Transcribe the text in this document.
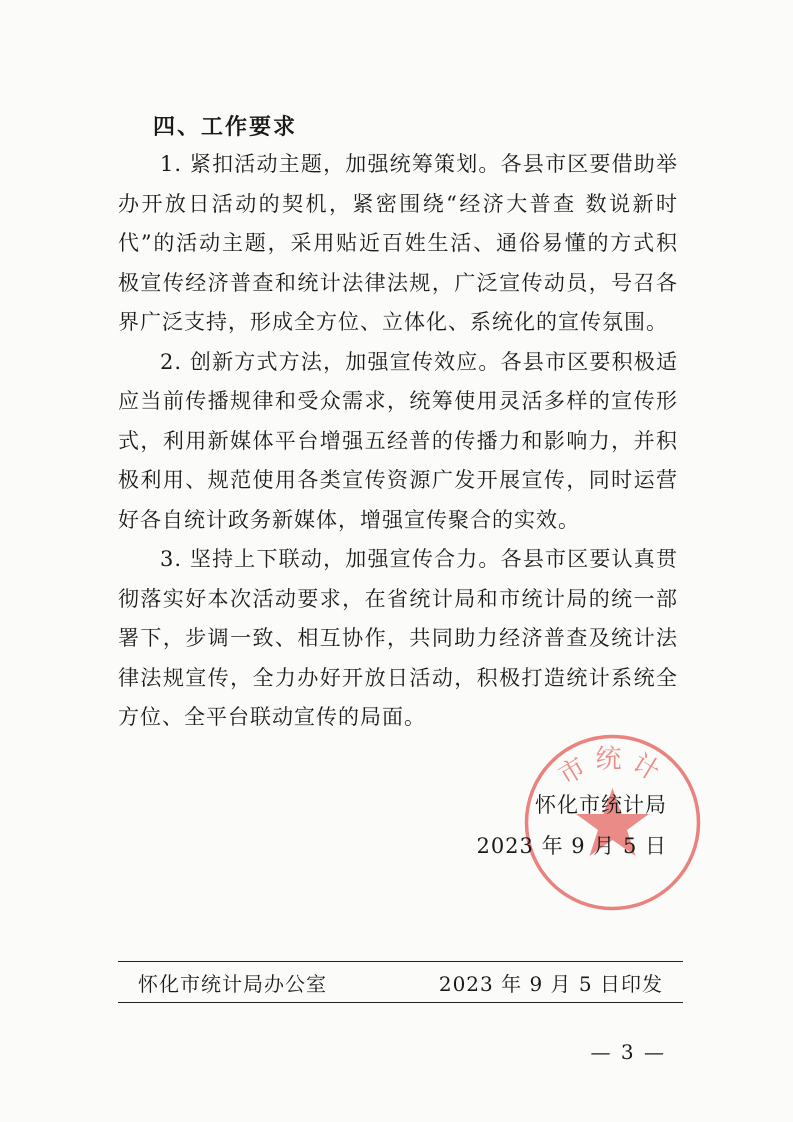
四、工作要求

1. 紧扣活动主题，加强统筹策划。各县市区要借助举办开放日活动的契机，紧密围绕“经济大普查 数说新时代”的活动主题，采用贴近百姓生活、通俗易懂的方式积极宣传经济普查和统计法律法规，广泛宣传动员，号召各界广泛支持，形成全方位、立体化、系统化的宣传氛围。

2. 创新方式方法，加强宣传效应。各县市区要积极适应当前传播规律和受众需求，统筹使用灵活多样的宣传形式，利用新媒体平台增强五经普的传播力和影响力，并积极利用、规范使用各类宣传资源广发开展宣传，同时运营好各自统计政务新媒体，增强宣传聚合的实效。

3. 坚持上下联动，加强宣传合力。各县市区要认真贯彻落实好本次活动要求，在省统计局和市统计局的统一部署下，步调一致、相互协作，共同助力经济普查及统计法律法规宣传，全力办好开放日活动，积极打造统计系统全方位、全平台联动宣传的局面。

市统计
怀化市统计局
2023 年 9 月 5 日
怀化市统计局办公室	2023 年 9 月 5 日印发
— 3 —
